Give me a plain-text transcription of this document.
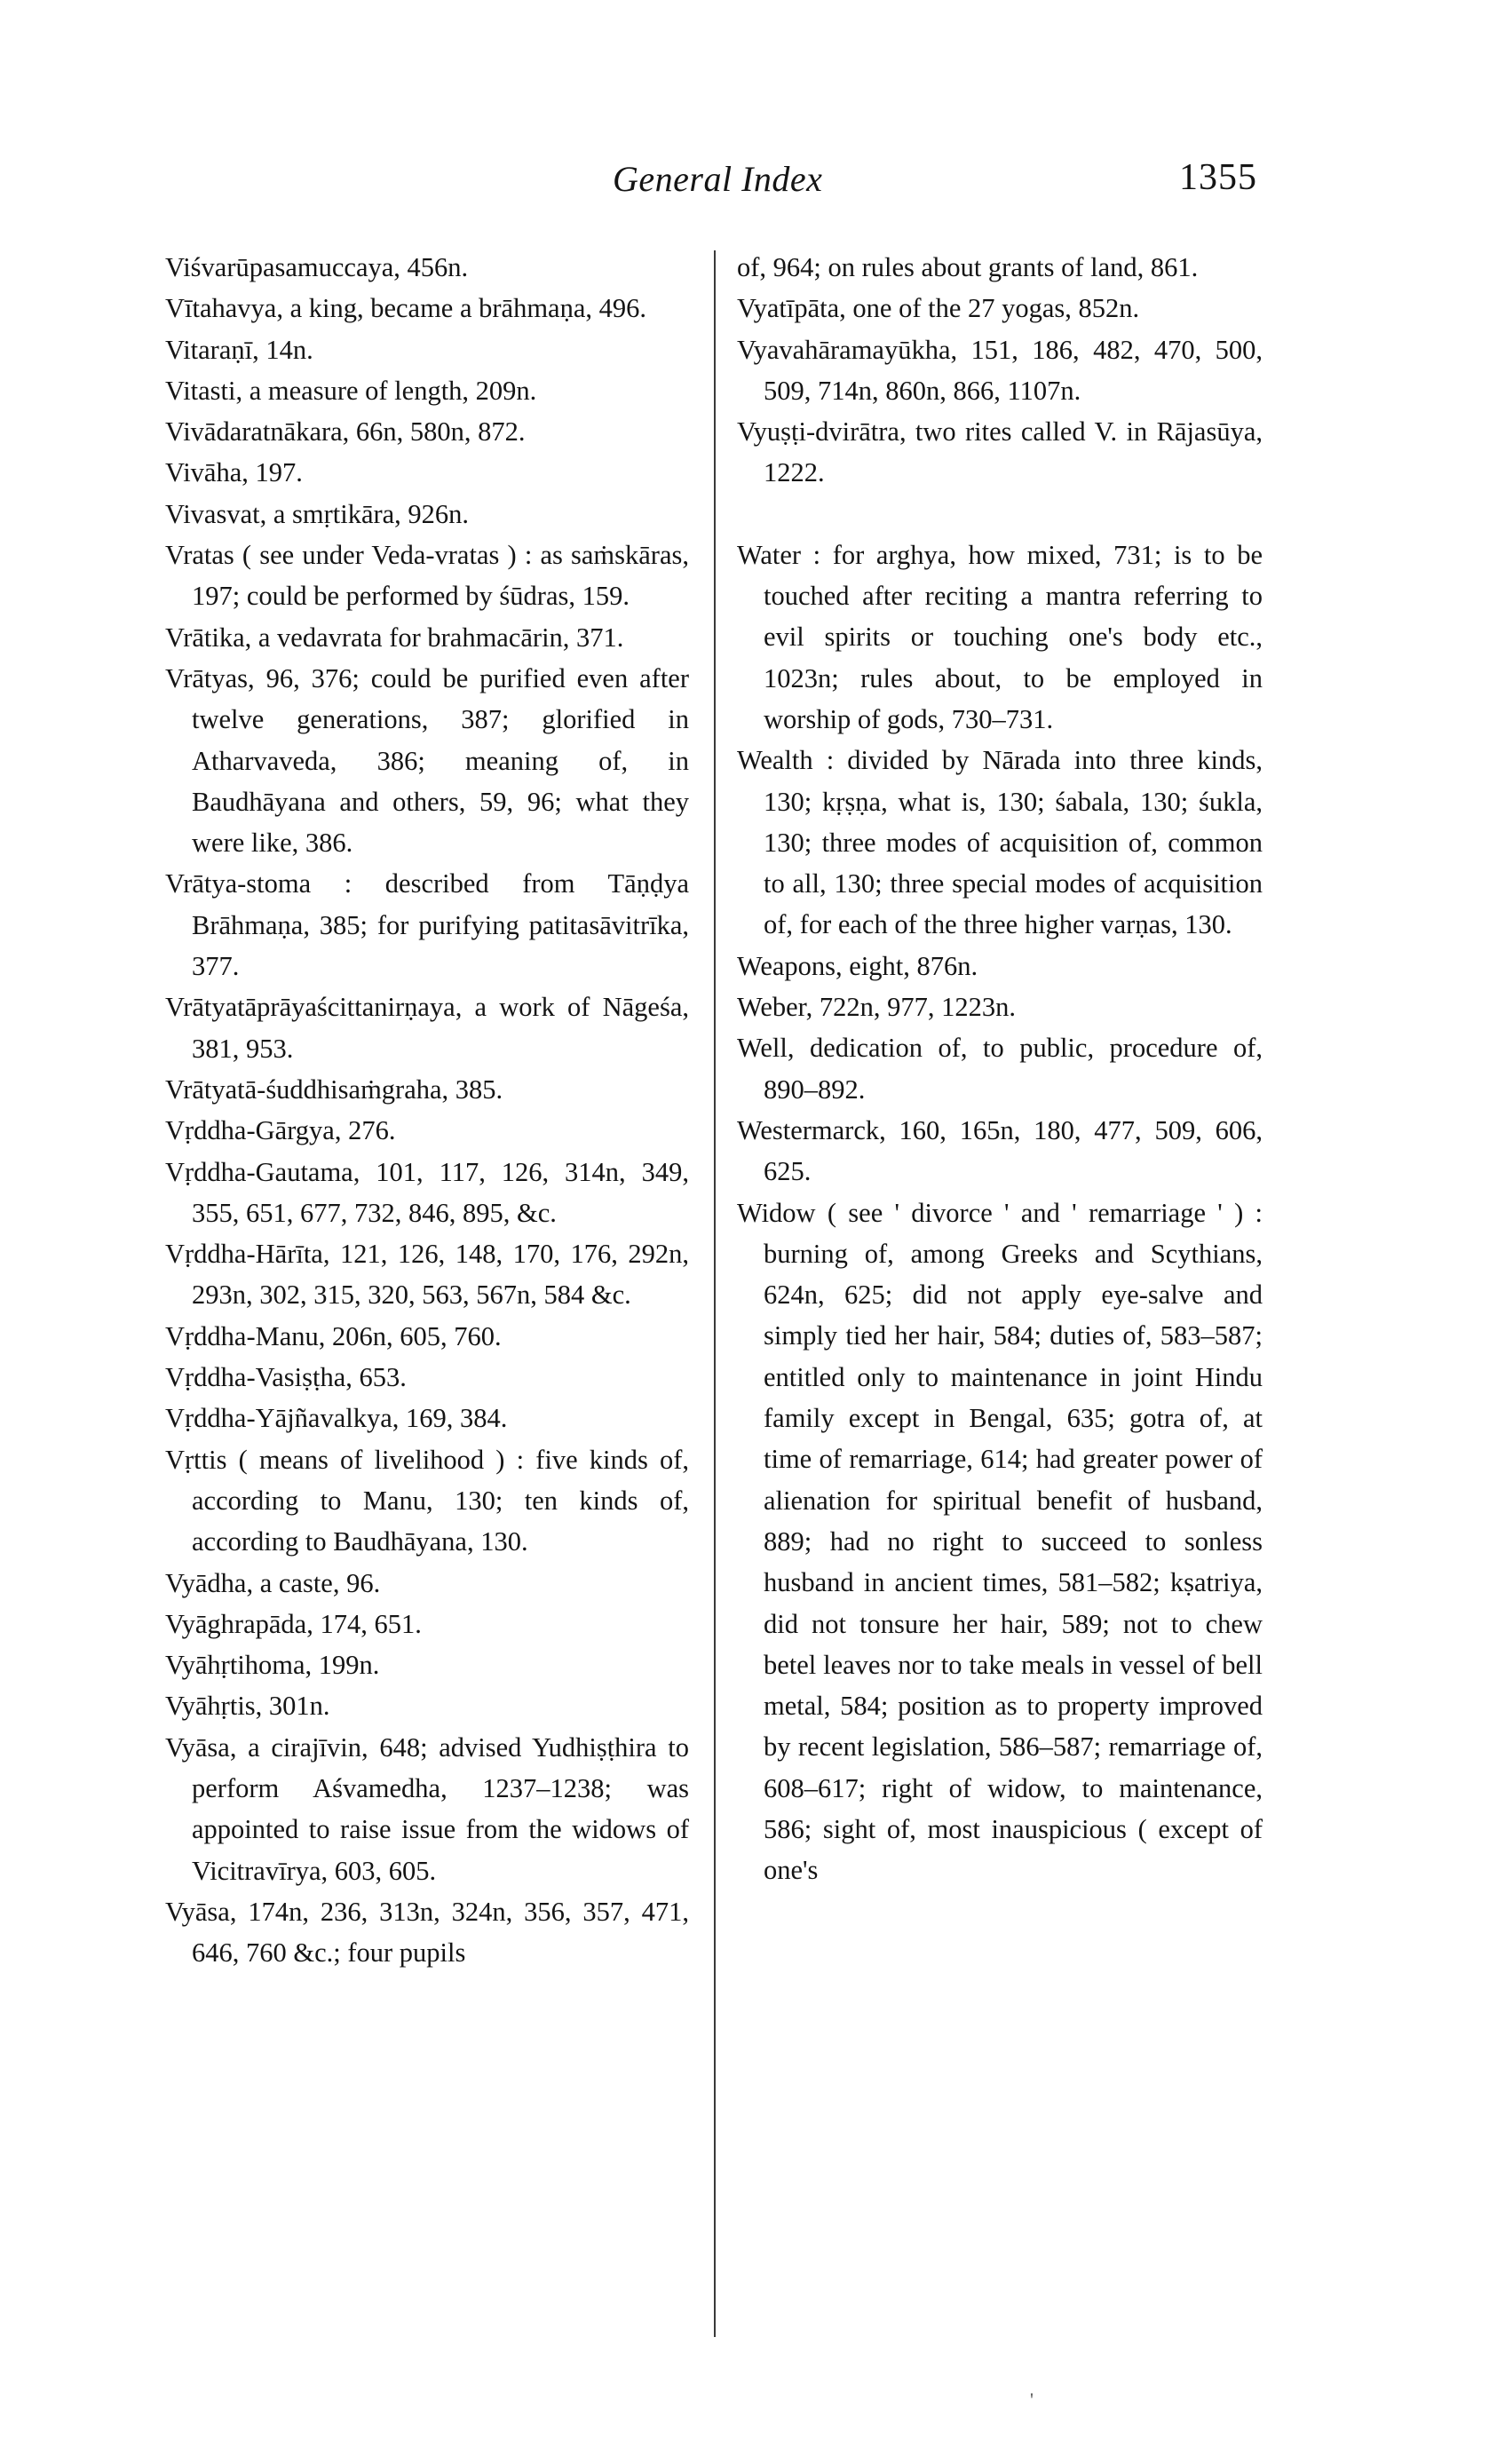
General Index	1355

Viśvarūpasamuccaya, 456n.

Vītahavya, a king, became a brāhmaṇa, 496.

Vitaraṇī, 14n.

Vitasti, a measure of length, 209n.

Vivādaratnākara, 66n, 580n, 872.

Vivāha, 197.

Vivasvat, a smṛtikāra, 926n.

Vratas ( see under Veda-vratas ) : as saṁskāras, 197; could be performed by śūdras, 159.

Vrātika, a vedavrata for brahmacārin, 371.

Vrātyas, 96, 376; could be purified even after twelve generations, 387; glorified in Atharvaveda, 386; meaning of, in Baudhāyana and others, 59, 96; what they were like, 386.

Vrātya-stoma : described from Tāṇḍya Brāhmaṇa, 385; for purifying patitasāvitrīka, 377.

Vrātyatāprāyaścittanirṇaya, a work of Nāgeśa, 381, 953.

Vrātyatā-śuddhisaṁgraha, 385.

Vṛddha-Gārgya, 276.

Vṛddha-Gautama, 101, 117, 126, 314n, 349, 355, 651, 677, 732, 846, 895, &c.

Vṛddha-Hārīta, 121, 126, 148, 170, 176, 292n, 293n, 302, 315, 320, 563, 567n, 584 &c.

Vṛddha-Manu, 206n, 605, 760.

Vṛddha-Vasiṣṭha, 653.

Vṛddha-Yājñavalkya, 169, 384.

Vṛttis ( means of livelihood ) : five kinds of, according to Manu, 130; ten kinds of, according to Baudhāyana, 130.

Vyādha, a caste, 96.

Vyāghrapāda, 174, 651.

Vyāhṛtihoma, 199n.

Vyāhṛtis, 301n.

Vyāsa, a cirajīvin, 648; advised Yudhiṣṭhira to perform Aśvamedha, 1237–1238; was appointed to raise issue from the widows of Vicitravīrya, 603, 605.

Vyāsa, 174n, 236, 313n, 324n, 356, 357, 471, 646, 760 &c.; four pupils

of, 964; on rules about grants of land, 861.

Vyatīpāta, one of the 27 yogas, 852n.

Vyavahāramayūkha, 151, 186, 482, 470, 500, 509, 714n, 860n, 866, 1107n.

Vyuṣṭi-dvirātra, two rites called V. in Rājasūya, 1222.

Water : for arghya, how mixed, 731; is to be touched after reciting a mantra referring to evil spirits or touching one's body etc., 1023n; rules about, to be employed in worship of gods, 730–731.

Wealth : divided by Nārada into three kinds, 130; kṛṣṇa, what is, 130; śabala, 130; śukla, 130; three modes of acquisition of, common to all, 130; three special modes of acquisition of, for each of the three higher varṇas, 130.

Weapons, eight, 876n.

Weber, 722n, 977, 1223n.

Well, dedication of, to public, procedure of, 890–892.

Westermarck, 160, 165n, 180, 477, 509, 606, 625.

Widow ( see ' divorce ' and ' remarriage ' ) : burning of, among Greeks and Scythians, 624n, 625; did not apply eye-salve and simply tied her hair, 584; duties of, 583–587; entitled only to maintenance in joint Hindu family except in Bengal, 635; gotra of, at time of remarriage, 614; had greater power of alienation for spiritual benefit of husband, 889; had no right to succeed to sonless husband in ancient times, 581–582; kṣatriya, did not tonsure her hair, 589; not to chew betel leaves nor to take meals in vessel of bell metal, 584; position as to property improved by recent legislation, 586–587; remarriage of, 608–617; right of widow, to maintenance, 586; sight of, most inauspicious ( except of one's

'
